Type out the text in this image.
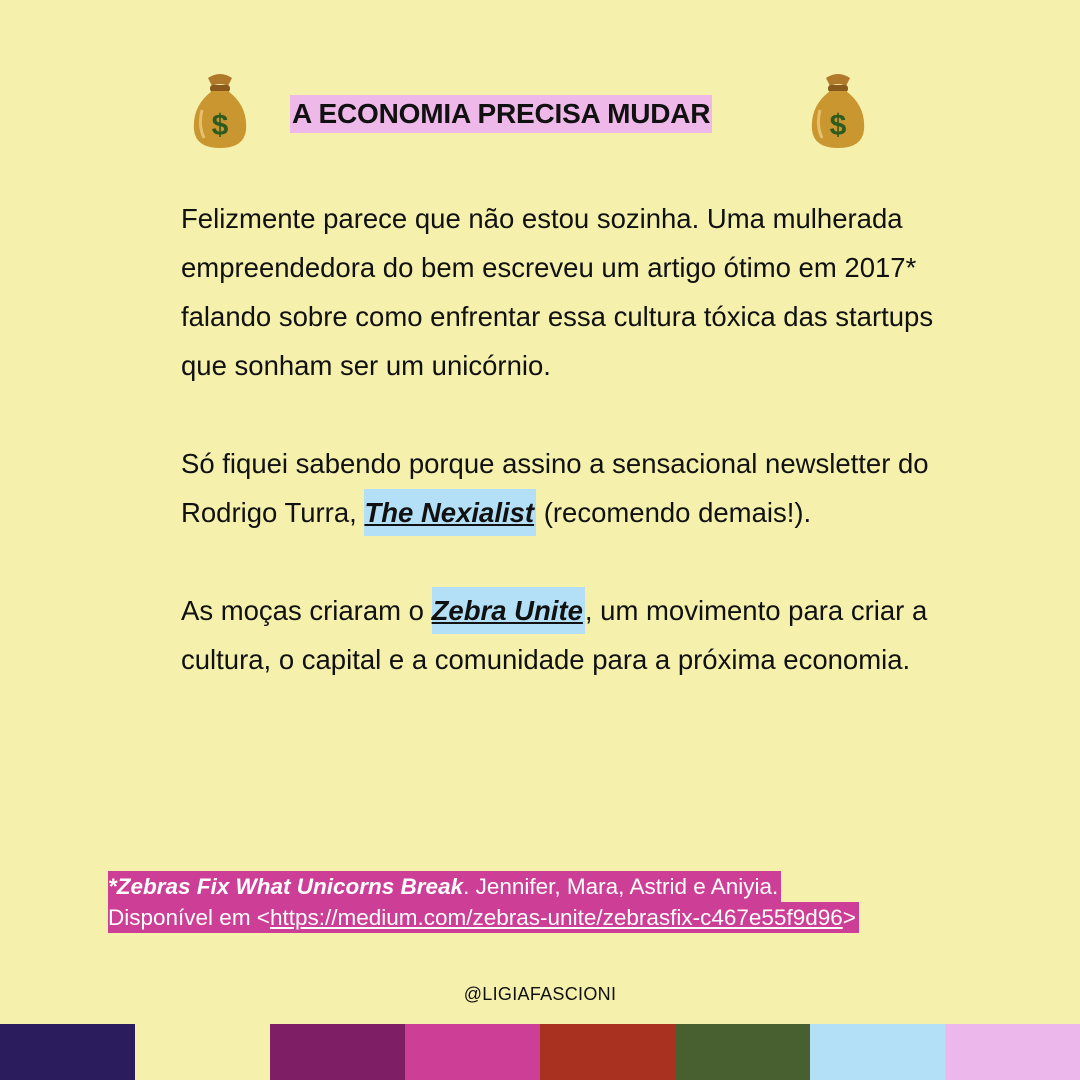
$ A ECONOMIA PRECISA MUDAR	$

Felizmente parece que não estou sozinha. Uma mulherada empreendedora do bem escreveu um artigo ótimo em 2017* falando sobre como enfrentar essa cultura tóxica das startups que sonham ser um unicórnio.

Só fiquei sabendo porque assino a sensacional newsletter do Rodrigo Turra, The Nexialist (recomendo demais!).

As moças criaram o Zebra Unite, um movimento para criar a cultura, o capital e a comunidade para a próxima economia.

*Zebras Fix What Unicorns Break. Jennifer, Mara, Astrid e Aniyia.
Disponível em <https://medium.com/zebras-unite/zebrasfix-c467e55f9d96>
@LIGIAFASCIONI
